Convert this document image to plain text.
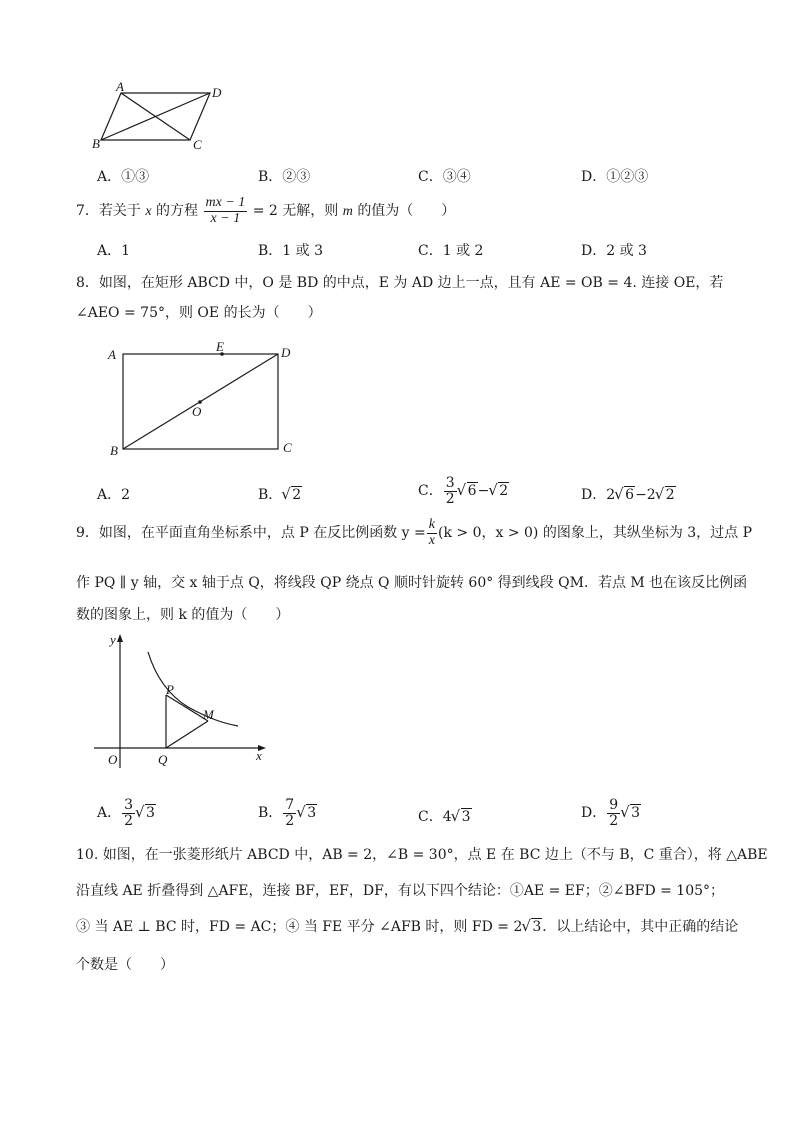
A	D
B	C
A．①③	B．②③	C．③④	D．①②③
7．若关于 x 的方程 $\frac{mx - 1}{x - 1} = 2$ 无解，则 m 的值为（　　）
A．1	B．1 或 3	C．1 或 2	D．2 或 3
8．如图，在矩形 ABCD 中，O 是 BD 的中点，E 为 AD 边上一点，且有 AE = OB = 4. 连接 OE，若
∠AEO = 75°，则 OE 的长为（　　）
A
E	D
O
B	C
A．2	B． √ 2	C． $\frac{3}{2}$ √ 6− √ 2	D．2 √ 6−2 √ 2
9．如图，在平面直角坐标系中，点 P 在反比例函数 $y = \frac{k}{x} (k > 0$，x > 0) 的图象上，其纵坐标为 3，过点 P
作 PQ ∥ y 轴，交 x 轴于点 Q，将线段 QP 绕点 Q 顺时针旋转 60° 得到线段 QM．若点 M 也在该反比例函
数的图象上，则 k 的值为（　　）
y
x
O
P
Q
M
A． $\frac{3}{2}$ √ 3	B． $\frac{7}{2}$ √ 3	C．4 √ 3	D． $\frac{9}{2}$ √ 3
10. 如图，在一张菱形纸片 ABCD 中，AB = 2，∠B = 30°，点 E 在 BC 边上（不与 B，C 重合），将 △ABE
沿直线 AE 折叠得到 △AFE，连接 BF，EF，DF，有以下四个结论：①AE = EF；②∠BFD = 105°；
③ 当 AE ⊥ BC 时，FD = AC；④ 当 FE 平分 ∠AFB 时，则 FD = 2 √ 3．以上结论中，其中正确的结论
个数是（　　）
